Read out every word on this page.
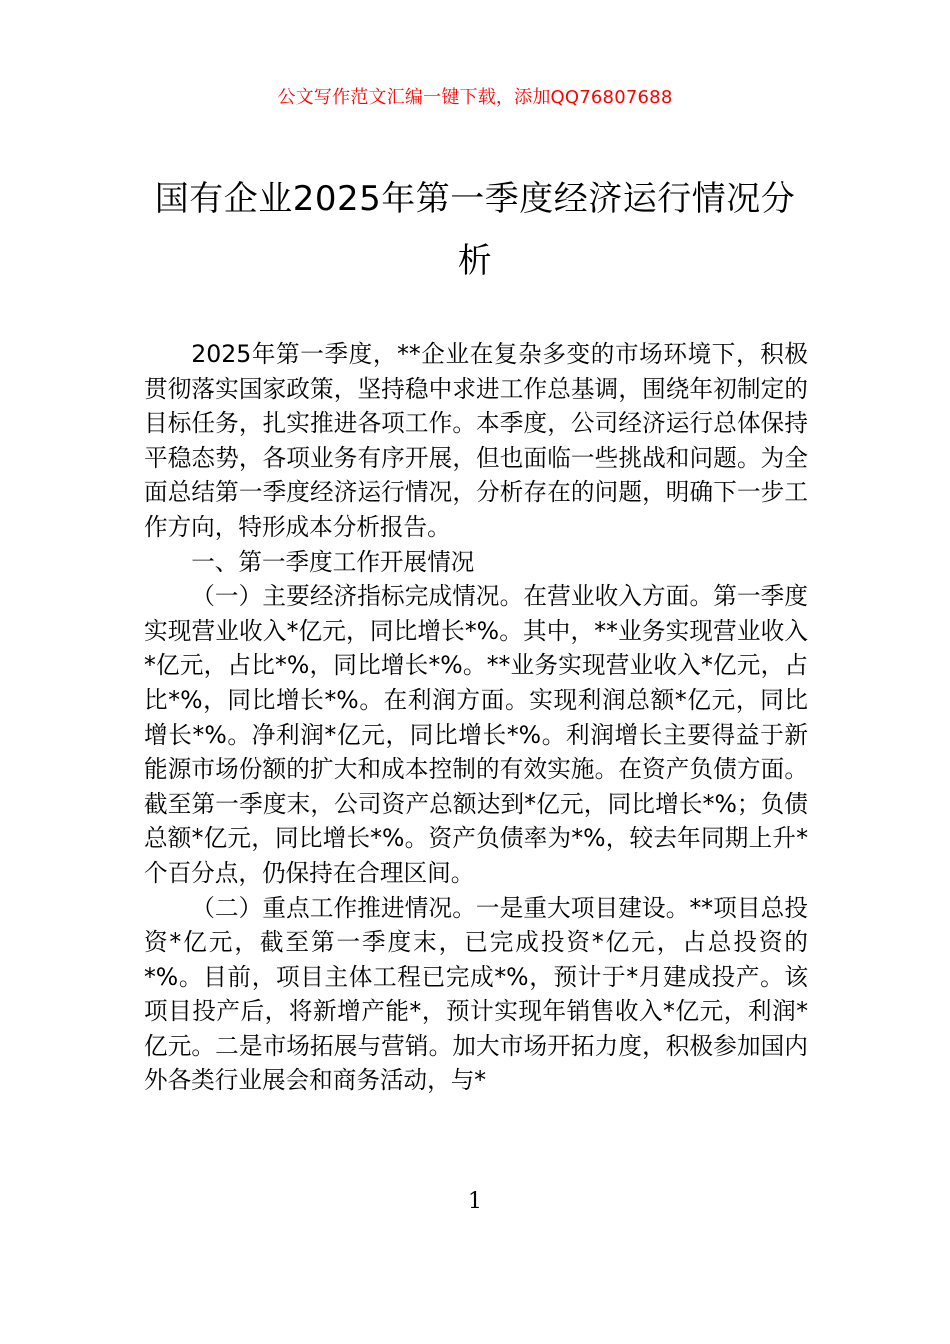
公文写作范文汇编一键下载，添加QQ76807688
国有企业2025年第一季度经济运行情况分析

2025年第一季度，**企业在复杂多变的市场环境下，积极贯彻落实国家政策，坚持稳中求进工作总基调，围绕年初制定的目标任务，扎实推进各项工作。本季度，公司经济运行总体保持平稳态势，各项业务有序开展，但也面临一些挑战和问题。为全面总结第一季度经济运行情况，分析存在的问题，明确下一步工作方向，特形成本分析报告。

一、第一季度工作开展情况

（一）主要经济指标完成情况。在营业收入方面。第一季度实现营业收入*亿元，同比增长*%。其中，**业务实现营业收入*亿元，占比*%，同比增长*%。**业务实现营业收入*亿元，占比*%，同比增长*%。在利润方面。实现利润总额*亿元，同比增长*%。净利润*亿元，同比增长*%。利润增长主要得益于新能源市场份额的扩大和成本控制的有效实施。在资产负债方面。截至第一季度末，公司资产总额达到*亿元，同比增长*%；负债总额*亿元，同比增长*%。资产负债率为*%，较去年同期上升*个百分点，仍保持在合理区间。

（二）重点工作推进情况。一是重大项目建设。**项目总投资*亿元，截至第一季度末，已完成投资*亿元，占总投资的*%。目前，项目主体工程已完成*%，预计于*月建成投产。该项目投产后，将新增产能*，预计实现年销售收入*亿元，利润*亿元。二是市场拓展与营销。加大市场开拓力度，积极参加国内外各类行业展会和商务活动，与*

1
